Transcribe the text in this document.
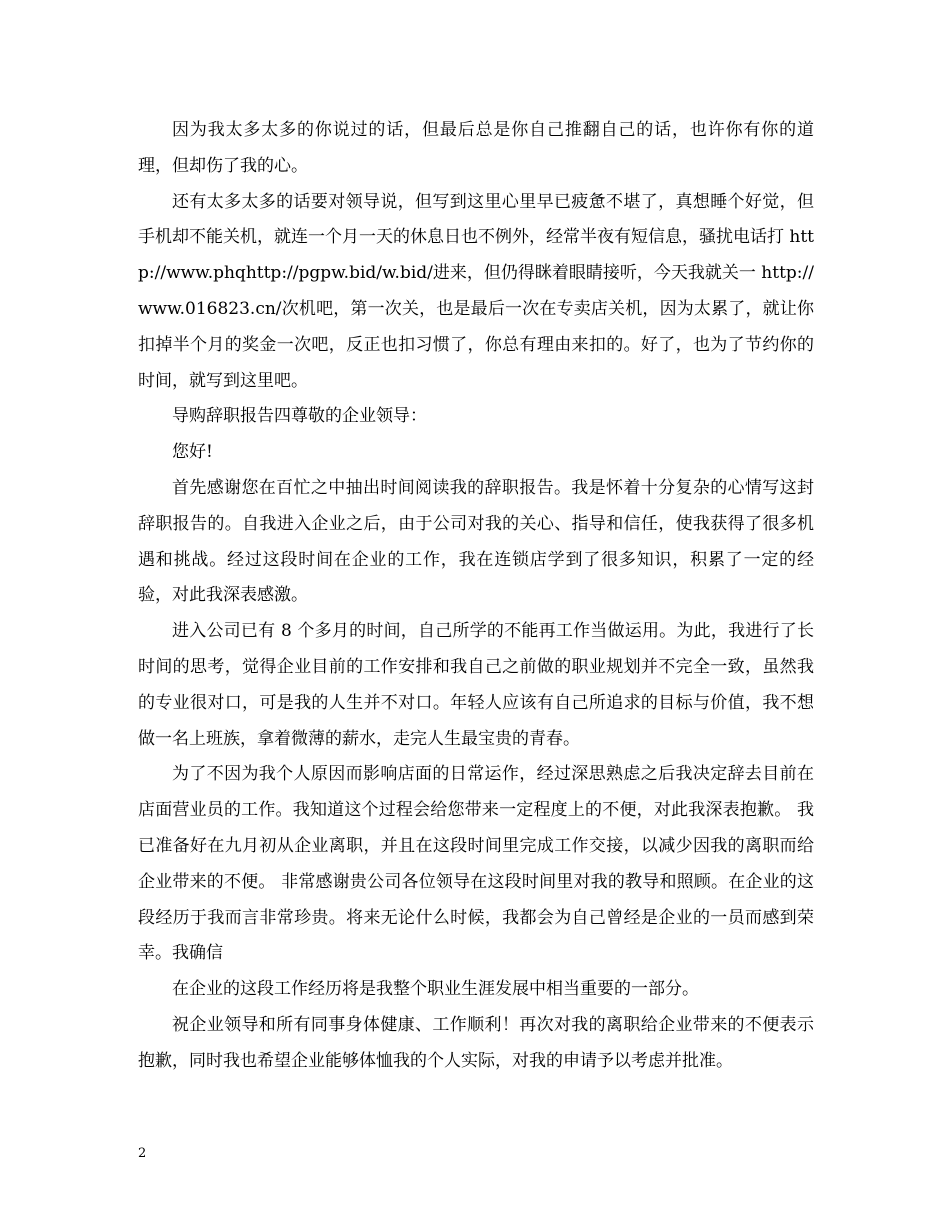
因为我太多太多的你说过的话，但最后总是你自己推翻自己的话，也许你有你的道理，但却伤了我的心。

还有太多太多的话要对领导说，但写到这里心里早已疲惫不堪了，真想睡个好觉，但手机却不能关机，就连一个月一天的休息日也不例外，经常半夜有短信息，骚扰电话打 http://www.phqhttp://pgpw.bid/w.bid/进来，但仍得眯着眼睛接听，今天我就关一 http://www.016823.cn/次机吧，第一次关，也是最后一次在专卖店关机，因为太累了，就让你扣掉半个月的奖金一次吧，反正也扣习惯了，你总有理由来扣的。好了，也为了节约你的时间，就写到这里吧。

导购辞职报告四尊敬的企业领导：

您好!

首先感谢您在百忙之中抽出时间阅读我的辞职报告。我是怀着十分复杂的心情写这封辞职报告的。自我进入企业之后，由于公司对我的关心、指导和信任，使我获得了很多机遇和挑战。经过这段时间在企业的工作，我在连锁店学到了很多知识，积累了一定的经验，对此我深表感激。

进入公司已有 8 个多月的时间，自己所学的不能再工作当做运用。为此，我进行了长时间的思考，觉得企业目前的工作安排和我自己之前做的职业规划并不完全一致，虽然我的专业很对口，可是我的人生并不对口。年轻人应该有自己所追求的目标与价值，我不想做一名上班族，拿着微薄的薪水，走完人生最宝贵的青春。

为了不因为我个人原因而影响店面的日常运作，经过深思熟虑之后我决定辞去目前在店面营业员的工作。我知道这个过程会给您带来一定程度上的不便，对此我深表抱歉。 我已准备好在九月初从企业离职，并且在这段时间里完成工作交接，以减少因我的离职而给企业带来的不便。 非常感谢贵公司各位领导在这段时间里对我的教导和照顾。在企业的这段经历于我而言非常珍贵。将来无论什么时候，我都会为自己曾经是企业的一员而感到荣幸。我确信

在企业的这段工作经历将是我整个职业生涯发展中相当重要的一部分。

祝企业领导和所有同事身体健康、工作顺利！再次对我的离职给企业带来的不便表示抱歉，同时我也希望企业能够体恤我的个人实际，对我的申请予以考虑并批准。

2
